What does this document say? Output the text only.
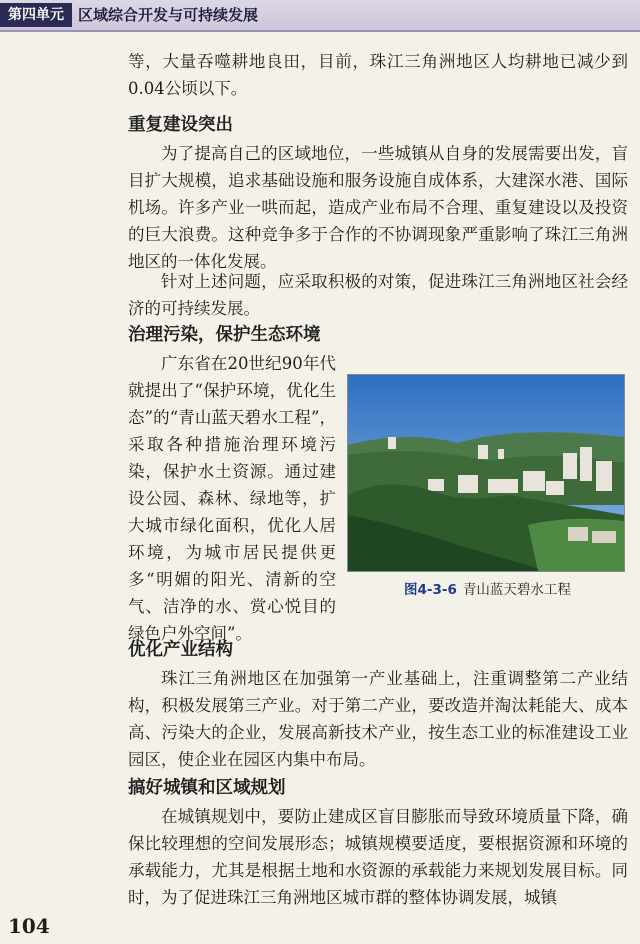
第四单元 区域综合开发与可持续发展

等，大量吞噬耕地良田，目前，珠江三角洲地区人均耕地已减少到0.04公顷以下。

重复建设突出

为了提高自己的区域地位，一些城镇从自身的发展需要出发，盲目扩大规模，追求基础设施和服务设施自成体系，大建深水港、国际机场。许多产业一哄而起，造成产业布局不合理、重复建设以及投资的巨大浪费。这种竞争多于合作的不协调现象严重影响了珠江三角洲地区的一体化发展。

针对上述问题，应采取积极的对策，促进珠江三角洲地区社会经济的可持续发展。

治理污染，保护生态环境

广东省在20世纪90年代就提出了“保护环境，优化生态”的“青山蓝天碧水工程”，采取各种措施治理环境污染，保护水土资源。通过建设公园、森林、绿地等，扩大城市绿化面积，优化人居环境，为城市居民提供更多“明媚的阳光、清新的空气、洁净的水、赏心悦目的绿色户外空间”。

图4-3-6 青山蓝天碧水工程
优化产业结构

珠江三角洲地区在加强第一产业基础上，注重调整第二产业结构，积极发展第三产业。对于第二产业，要改造并淘汰耗能大、成本高、污染大的企业，发展高新技术产业，按生态工业的标准建设工业园区，使企业在园区内集中布局。

搞好城镇和区域规划

在城镇规划中，要防止建成区盲目膨胀而导致环境质量下降，确保比较理想的空间发展形态；城镇规模要适度，要根据资源和环境的承载能力，尤其是根据土地和水资源的承载能力来规划发展目标。同时，为了促进珠江三角洲地区城市群的整体协调发展，城镇

104
